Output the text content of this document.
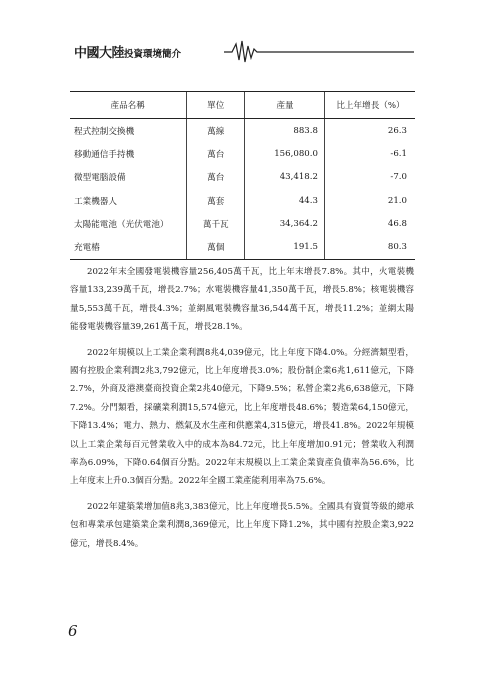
中國大陸投資環境簡介
產品名稱	單位	產量	比上年增長（%）
程式控制交換機	萬線	883.8	26.3
移動通信手持機	萬台	156,080.0	-6.1
微型電腦設備	萬台	43,418.2	-7.0
工業機器人	萬套	44.3	21.0
太陽能電池（光伏電池）	萬千瓦	34,364.2	46.8
充電樁	萬個	191.5	80.3

2022年末全國發電裝機容量256,405萬千瓦，比上年末增長7.8%。其中，火電裝機容量133,239萬千瓦，增長2.7%；水電裝機容量41,350萬千瓦，增長5.8%；核電裝機容量5,553萬千瓦，增長4.3%；並網風電裝機容量36,544萬千瓦，增長11.2%；並網太陽能發電裝機容量39,261萬千瓦，增長28.1%。

2022年規模以上工業企業利潤8兆4,039億元，比上年度下降4.0%。分經濟類型看，國有控股企業利潤2兆3,792億元，比上年度增長3.0%；股份制企業6兆1,611億元，下降2.7%，外商及港澳臺商投資企業2兆40億元，下降9.5%；私營企業2兆6,638億元，下降7.2%。分門類看，採礦業利潤15,574億元，比上年度增長48.6%；製造業64,150億元，下降13.4%；電力、熱力、燃氣及水生產和供應業4,315億元，增長41.8%。2022年規模以上工業企業每百元營業收入中的成本為84.72元，比上年度增加0.91元；營業收入利潤率為6.09%，下降0.64個百分點。2022年末規模以上工業企業資產負債率為56.6%，比上年度末上升0.3個百分點。2022年全國工業產能利用率為75.6%。

2022年建築業增加值8兆3,383億元，比上年度增長5.5%。全國具有資質等級的總承包和專業承包建築業企業利潤8,369億元，比上年度下降1.2%，其中國有控股企業3,922億元，增長8.4%。

6
